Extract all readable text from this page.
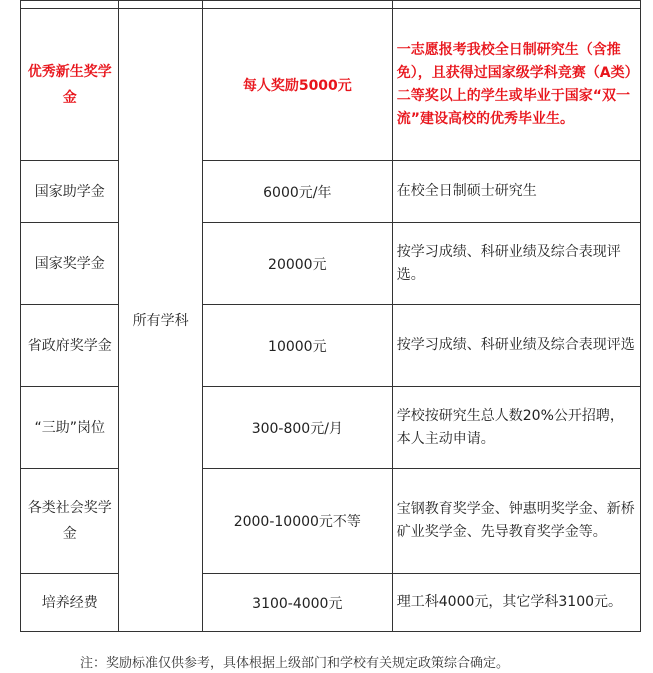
优秀新生奖学金	所有学科	每人奖励5000元	一志愿报考我校全日制研究生（含推免），且获得过国家级学科竞赛（A类）二等奖以上的学生或毕业于国家“双一流”建设高校的优秀毕业生。
国家助学金		6000元/年	在校全日制硕士研究生
国家奖学金		20000元	按学习成绩、科研业绩及综合表现评选。
省政府奖学金		10000元	按学习成绩、科研业绩及综合表现评选
“三助”岗位		300-800元/月	学校按研究生总人数20%公开招聘，本人主动申请。
各类社会奖学金		2000-10000元不等	宝钢教育奖学金、钟惠明奖学金、新桥矿业奖学金、先导教育奖学金等。
培养经费		3100-4000元	理工科4000元，其它学科3100元。
注：奖励标准仅供参考，具体根据上级部门和学校有关规定政策综合确定。
